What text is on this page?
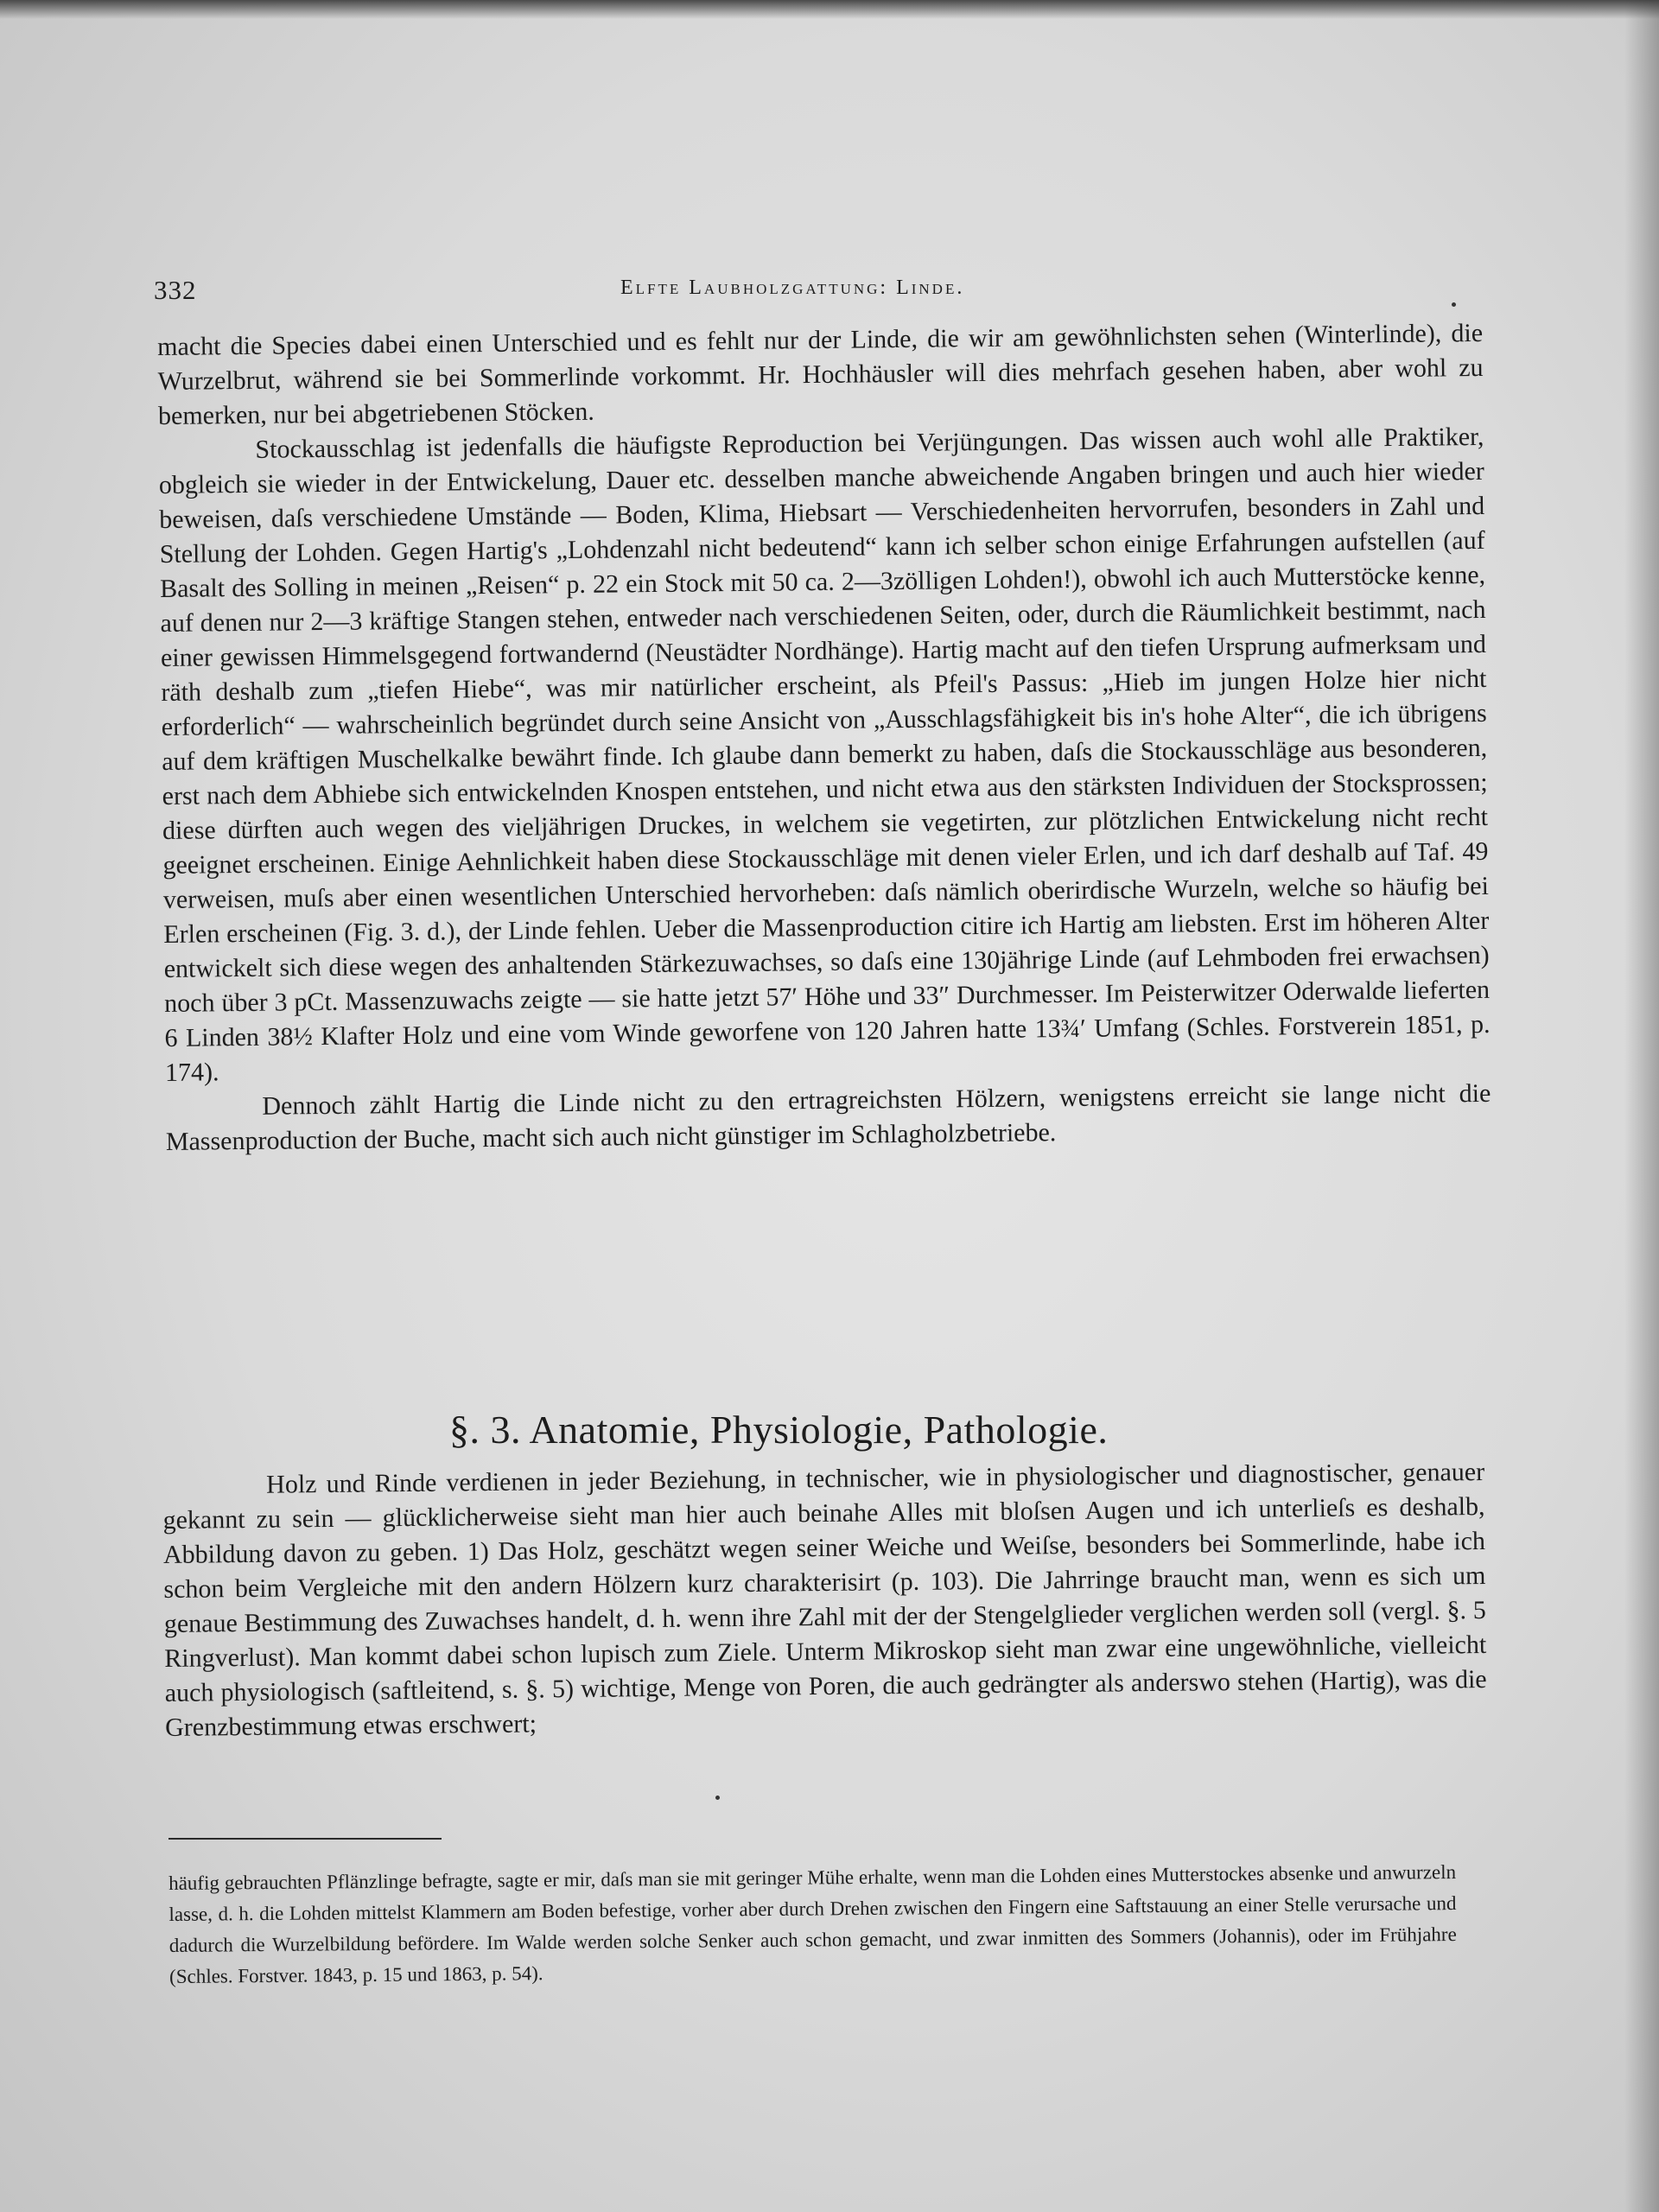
332	Elfte Laubholzgattung: Linde.

macht die Species dabei einen Unterschied und es fehlt nur der Linde, die wir am gewöhnlichsten sehen (Winterlinde), die Wurzelbrut, während sie bei Sommerlinde vorkommt. Hr. Hochhäusler will dies mehrfach gesehen haben, aber wohl zu bemerken, nur bei abgetriebenen Stöcken.

Stockausschlag ist jedenfalls die häufigste Reproduction bei Verjüngungen. Das wissen auch wohl alle Praktiker, obgleich sie wieder in der Entwickelung, Dauer etc. desselben manche abweichende Angaben bringen und auch hier wieder beweisen, daſs verschiedene Umstände — Boden, Klima, Hiebsart — Verschiedenheiten hervorrufen, besonders in Zahl und Stellung der Lohden. Gegen Hartig's „Lohdenzahl nicht bedeutend“ kann ich selber schon einige Erfahrungen aufstellen (auf Basalt des Solling in meinen „Reisen“ p. 22 ein Stock mit 50 ca. 2—3zölligen Lohden!), obwohl ich auch Mutterstöcke kenne, auf denen nur 2—3 kräftige Stangen stehen, entweder nach verschiedenen Seiten, oder, durch die Räumlichkeit bestimmt, nach einer gewissen Himmelsgegend fortwandernd (Neustädter Nordhänge). Hartig macht auf den tiefen Ursprung aufmerksam und räth deshalb zum „tiefen Hiebe“, was mir natürlicher erscheint, als Pfeil's Passus: „Hieb im jungen Holze hier nicht erforderlich“ — wahrscheinlich begründet durch seine Ansicht von „Ausschlagsfähigkeit bis in's hohe Alter“, die ich übrigens auf dem kräftigen Muschelkalke bewährt finde. Ich glaube dann bemerkt zu haben, daſs die Stockausschläge aus besonderen, erst nach dem Abhiebe sich entwickelnden Knospen entstehen, und nicht etwa aus den stärksten Individuen der Stocksprossen; diese dürften auch wegen des vieljährigen Druckes, in welchem sie vegetirten, zur plötzlichen Entwickelung nicht recht geeignet erscheinen. Einige Aehnlichkeit haben diese Stockausschläge mit denen vieler Erlen, und ich darf deshalb auf Taf. 49 verweisen, muſs aber einen wesentlichen Unterschied hervorheben: daſs nämlich oberirdische Wurzeln, welche so häufig bei Erlen erscheinen (Fig. 3. d.), der Linde fehlen. Ueber die Massenproduction citire ich Hartig am liebsten. Erst im höheren Alter entwickelt sich diese wegen des anhaltenden Stärkezuwachses, so daſs eine 130jährige Linde (auf Lehmboden frei erwachsen) noch über 3 pCt. Massenzuwachs zeigte — sie hatte jetzt 57′ Höhe und 33″ Durchmesser. Im Peisterwitzer Oderwalde lieferten 6 Linden 38½ Klafter Holz und eine vom Winde geworfene von 120 Jahren hatte 13¾′ Umfang (Schles. Forstverein 1851, p. 174).

Dennoch zählt Hartig die Linde nicht zu den ertragreichsten Hölzern, wenigstens erreicht sie lange nicht die Massenproduction der Buche, macht sich auch nicht günstiger im Schlagholzbetriebe.

§. 3. Anatomie, Physiologie, Pathologie.

Holz und Rinde verdienen in jeder Beziehung, in technischer, wie in physiologischer und diagnostischer, genauer gekannt zu sein — glücklicherweise sieht man hier auch beinahe Alles mit bloſsen Augen und ich unterlieſs es deshalb, Abbildung davon zu geben. 1) Das Holz, geschätzt wegen seiner Weiche und Weiſse, besonders bei Sommerlinde, habe ich schon beim Vergleiche mit den andern Hölzern kurz charakterisirt (p. 103). Die Jahrringe braucht man, wenn es sich um genaue Bestimmung des Zuwachses handelt, d. h. wenn ihre Zahl mit der der Stengelglieder verglichen werden soll (vergl. §. 5 Ringverlust). Man kommt dabei schon lupisch zum Ziele. Unterm Mikroskop sieht man zwar eine ungewöhnliche, vielleicht auch physiologisch (saftleitend, s. §. 5) wichtige, Menge von Poren, die auch gedrängter als anderswo stehen (Hartig), was die Grenzbestimmung etwas erschwert;

häufig gebrauchten Pflänzlinge befragte, sagte er mir, daſs man sie mit geringer Mühe erhalte, wenn man die Lohden eines Mutterstockes absenke und anwurzeln lasse, d. h. die Lohden mittelst Klammern am Boden befestige, vorher aber durch Drehen zwischen den Fingern eine Saftstauung an einer Stelle verursache und dadurch die Wurzelbildung befördere. Im Walde werden solche Senker auch schon gemacht, und zwar inmitten des Sommers (Johannis), oder im Frühjahre (Schles. Forstver. 1843, p. 15 und 1863, p. 54).
